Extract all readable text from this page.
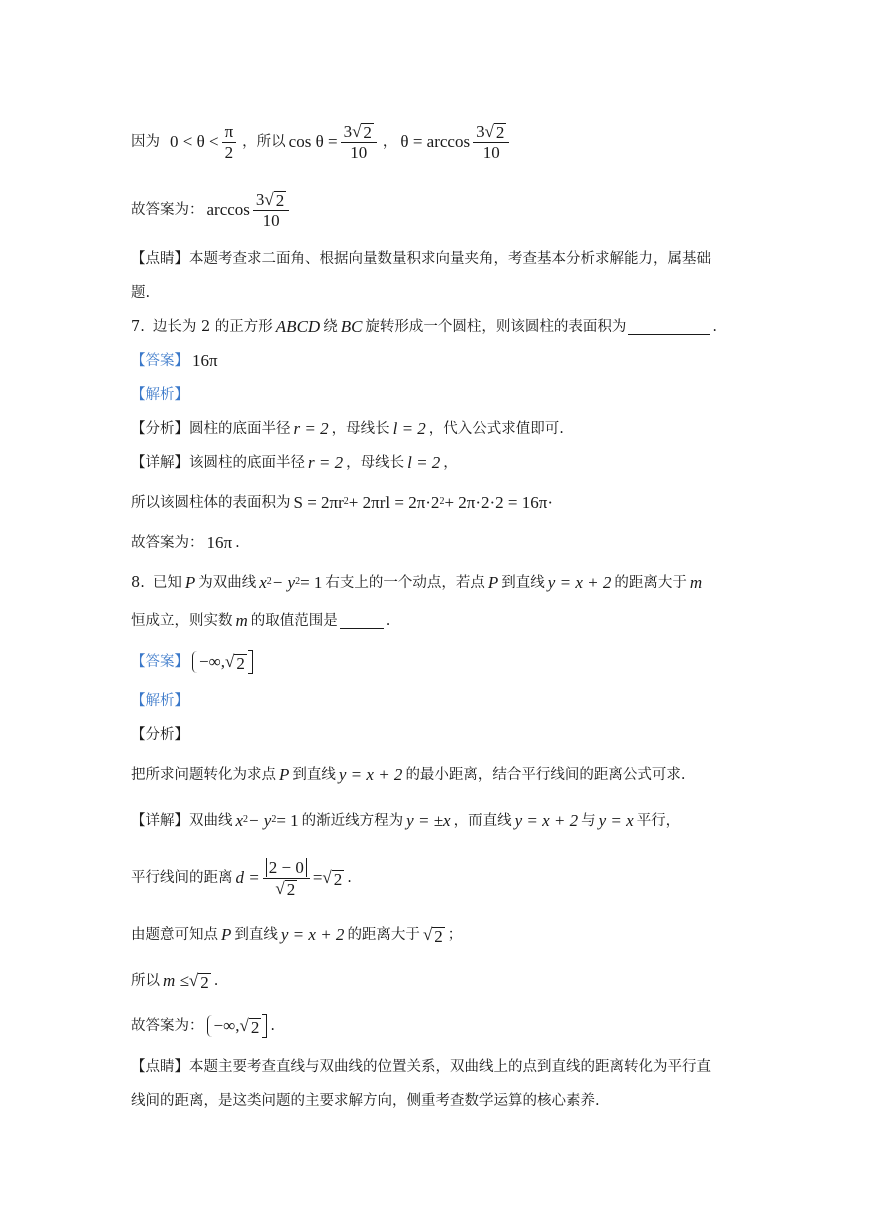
因为 $0 < \theta < \frac{\pi}{2}$ ，所以 $\cos \theta = \frac{3 √ 2}{10}$ ， $\theta = \arccos \frac{3 √ 2}{10}$
故答案为： $\arccos \frac{3 √ 2}{10}$
【点睛】本题考查求二面角、根据向量数量积求向量夹角，考查基本分析求解能力，属基础
题.
7. 边长为 2 的正方形 ABCD 绕 BC 旋转形成一个圆柱，则该圆柱的表面积为	.
【答案】 16π
【解析】
【分析】圆柱的底面半径 r = 2 ，母线长 l = 2 ，代入公式求值即可.
【详解】该圆柱的底面半径 r = 2 ，母线长 l = 2 ，
所以该圆柱体的表面积为 $S = 2\pi r^2 + 2\pi rl = 2\pi\cdot 2^2 + 2\pi\cdot 2\cdot 2 = 16\pi$ ·
故答案为： 16π .
8. 已知 P 为双曲线 $x^2 - y^2 = 1$ 右支上的一个动点，若点 P 到直线 y = x + 2 的距离大于 m
恒成立，则实数 m 的取值范围是	.
【答案】 −∞, √ 2
【解析】
【分析】
把所求问题转化为求点 P 到直线 y = x + 2 的最小距离，结合平行线间的距离公式可求.
【详解】双曲线 $x^2 - y^2 = 1$ 的渐近线方程为 y = ±x ，而直线 y = x + 2 与 y = x 平行，
平行线间的距离 $d = \frac{2 - 0}{√ 2}$ = √ 2 .
由题意可知点 P 到直线 y = x + 2 的距离大于 √ 2 ；
所以 m ≤ √ 2 .
故答案为： −∞, √ 2 .
【点睛】本题主要考查直线与双曲线的位置关系，双曲线上的点到直线的距离转化为平行直
线间的距离，是这类问题的主要求解方向，侧重考查数学运算的核心素养.
